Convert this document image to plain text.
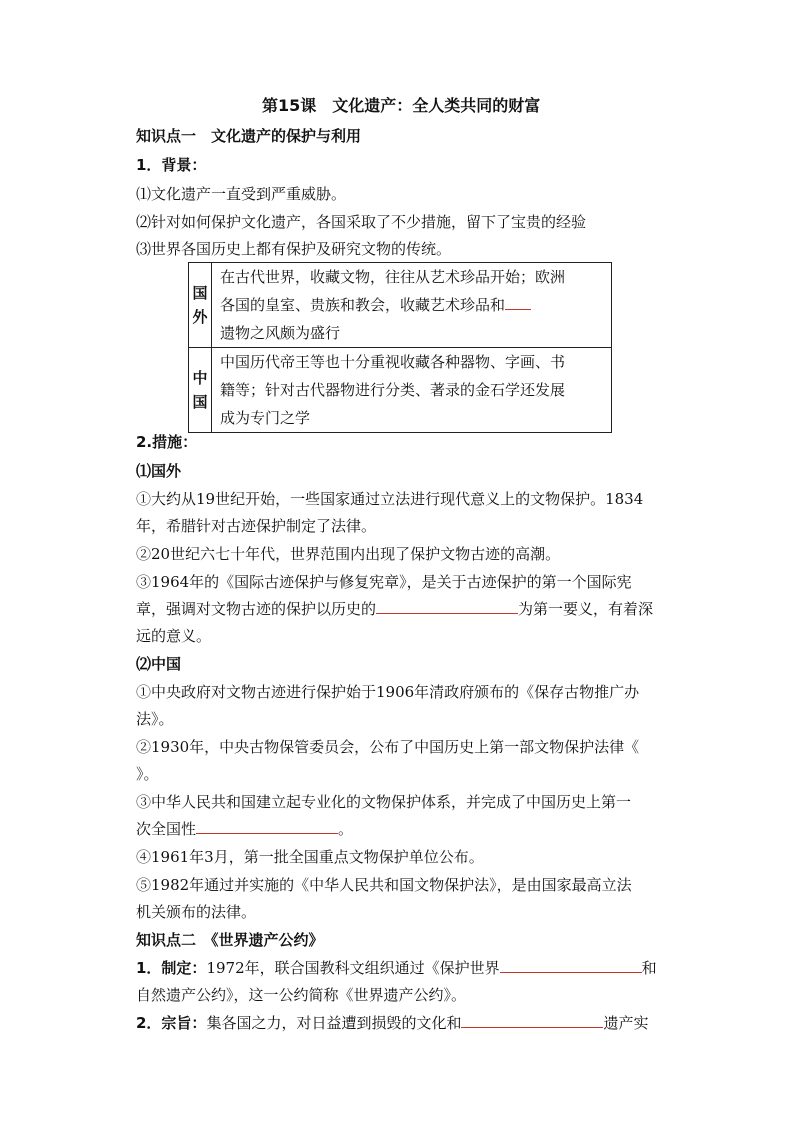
第15课　文化遗产：全人类共同的财富
知识点一　文化遗产的保护与利用
1．背景：
⑴文化遗产一直受到严重威胁。
⑵针对如何保护文化遗产，各国采取了不少措施，留下了宝贵的经验
⑶世界各国历史上都有保护及研究文物的传统。
国
外	在古代世界，收藏文物，往往从艺术珍品开始；欧洲
各国的皇室、贵族和教会，收藏艺术珍品和
遗物之风颇为盛行

中
国	中国历代帝王等也十分重视收藏各种器物、字画、书
籍等；针对古代器物进行分类、著录的金石学还发展
成为专门之学
2.措施：
⑴国外
①大约从19世纪开始，一些国家通过立法进行现代意义上的文物保护。1834
年，希腊针对古迹保护制定了法律。
②20世纪六七十年代，世界范围内出现了保护文物古迹的高潮。
③1964年的《国际古迹保护与修复宪章》，是关于古迹保护的第一个国际宪
章，强调对文物古迹的保护以历史的	为第一要义，有着深
远的意义。
⑵中国
①中央政府对文物古迹进行保护始于1906年清政府颁布的《保存古物推广办
法》。
②1930年，中央古物保管委员会，公布了中国历史上第一部文物保护法律《
》。
③中华人民共和国建立起专业化的文物保护体系，并完成了中国历史上第一
次全国性	。
④1961年3月，第一批全国重点文物保护单位公布。
⑤1982年通过并实施的《中华人民共和国文物保护法》，是由国家最高立法
机关颁布的法律。
知识点二　《世界遗产公约》
1．制定：1972年，联合国教科文组织通过《保护世界	和
自然遗产公约》，这一公约简称《世界遗产公约》。
2．宗旨：集各国之力，对日益遭到损毁的文化和	遗产实
